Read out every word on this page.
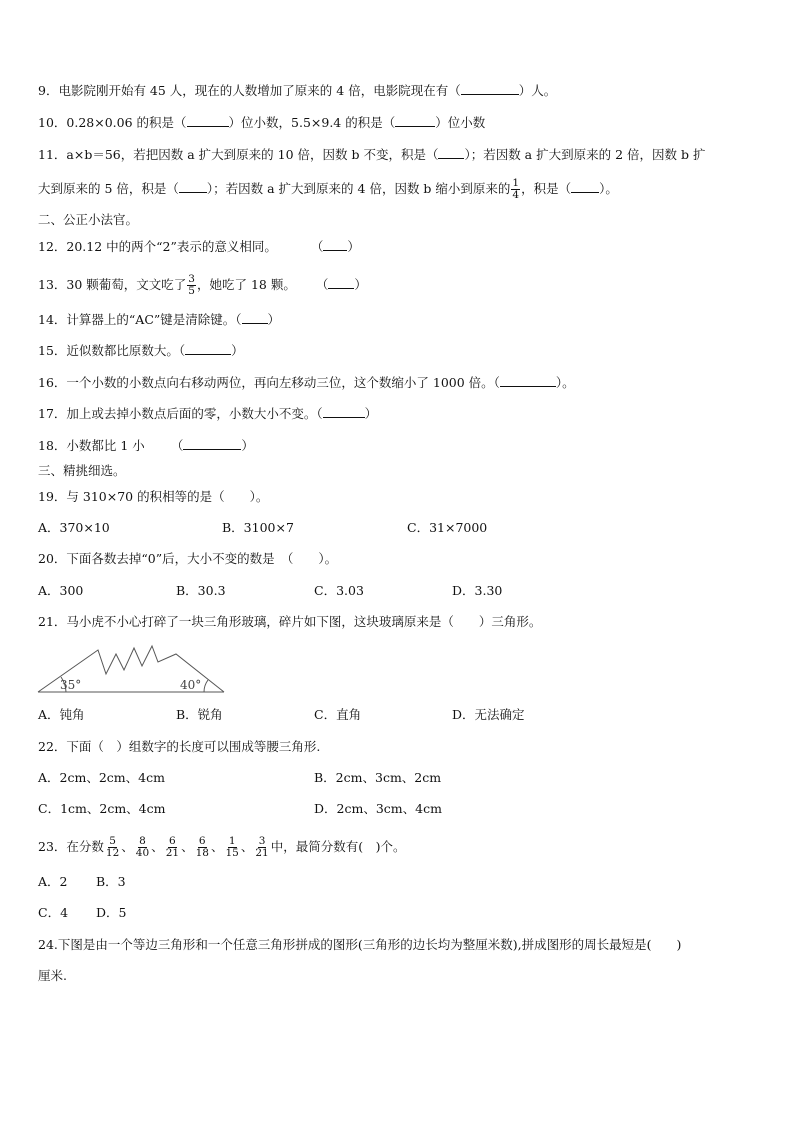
9．电影院刚开始有 45 人，现在的人数增加了原来的 4 倍，电影院现在有（	）人。
10．0.28×0.06 的积是（	）位小数，5.5×9.4 的积是（	）位小数
11．a×b＝56，若把因数 a 扩大到原来的 10 倍，因数 b 不变，积是（ ）；若因数 a 扩大到原来的 2 倍，因数 b 扩
大到原来的 5 倍，积是（ ）；若因数 a 扩大到原来的 4 倍，因数 b 缩小到原来的 $\frac{1}{4}$ ，积是（ ）。
二、公正小法官。
12．20.12 中的两个“2”表示的意义相同。	（ ）
13．30 颗葡萄，文文吃了 $\frac{3}{5}$ ，她吃了 18 颗。 （ ）
14．计算器上的“AC”键是清除键。（ ）
15．近似数都比原数大。（	）
16．一个小数的小数点向右移动两位，再向左移动三位，这个数缩小了 1000 倍。（	）。
17．加上或去掉小数点后面的零，小数大小不变。（	）
18．小数都比 1 小 （	）
三、精挑细选。
19．与 310×70 的积相等的是（　　）。
A．370×10	B．3100×7	C．31×7000
20．下面各数去掉“0”后，大小不变的数是　（　　）。
A．300	B．30.3	C．3.03	D．3.30
21．马小虎不小心打碎了一块三角形玻璃，碎片如下图，这块玻璃原来是（　　）三角形。
35°	40°
A．钝角	B．锐角	C．直角	D．无法确定
22．下面（　）组数字的长度可以围成等腰三角形.
A．2cm、2cm、4cm	B．2cm、3cm、2cm
C．1cm、2cm、4cm	D．2cm、3cm、4cm
23．在分数 $\frac{5}{12}$ 、 $\frac{8}{40}$ 、 $\frac{6}{21}$ 、 $\frac{6}{18}$ 、 $\frac{1}{15}$ 、 $\frac{3}{21}$ 中，最简分数有(　)个。
A．2 B．3
C．4 D．5
24.下图是由一个等边三角形和一个任意三角形拼成的图形(三角形的边长均为整厘米数),拼成图形的周长最短是(　　)
厘米.
